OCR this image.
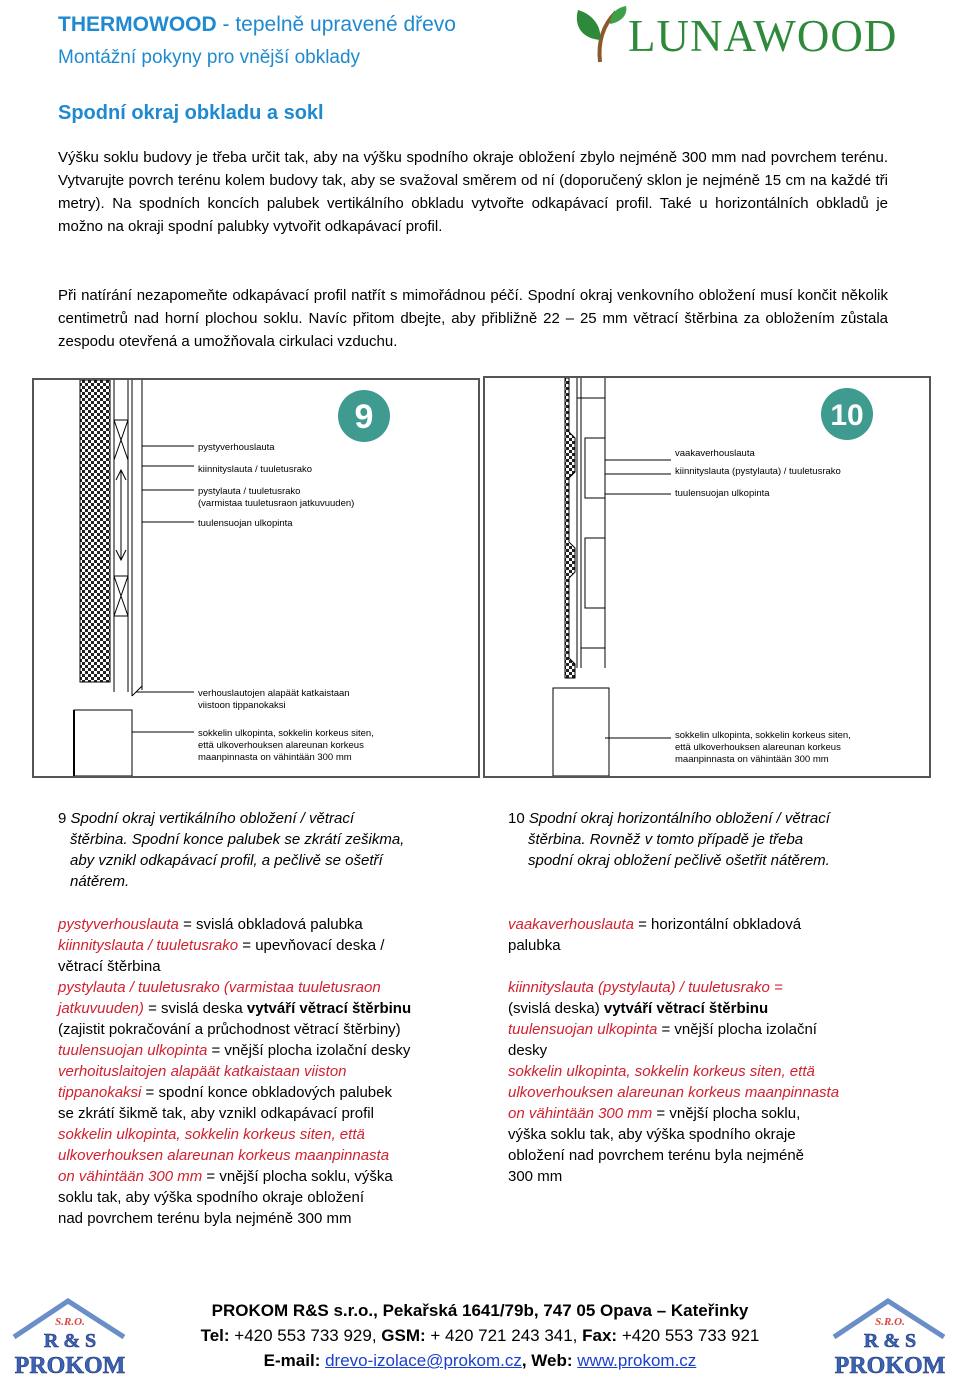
THERMOWOOD - tepelně upravené dřevo
Montážní pokyny pro vnější obklady	LUNAWOOD
Spodní okraj obkladu a sokl
Výšku soklu budovy je třeba určit tak, aby na výšku spodního okraje obložení zbylo nejméně 300 mm nad povrchem terénu. Vytvarujte povrch terénu kolem budovy tak, aby se svažoval směrem od ní (doporučený sklon je nejméně 15 cm na každé tři metry). Na spodních koncích palubek vertikálního obkladu vytvořte odkapávací profil. Také u horizontálních obkladů je možno na okraji spodní palubky vytvořit odkapávací profil.
Při natírání nezapomeňte odkapávací profil natřít s mimořádnou péčí. Spodní okraj venkovního obložení musí končit několik centimetrů nad horní plochou soklu. Navíc přitom dbejte, aby přibližně 22 – 25 mm větrací štěrbina za obložením zůstala zespodu otevřená a umožňovala cirkulaci vzduchu.
9
pystyverhouslauta
kiinnityslauta / tuuletusrako
pystylauta / tuuletusrako
(varmistaa tuuletusraon jatkuvuuden)
tuulensuojan ulkopinta
verhouslautojen alapäät katkaistaan
viistoon tippanokaksi
sokkelin ulkopinta, sokkelin korkeus siten,
että ulkoverhouksen alareunan korkeus
maanpinnasta on vähintään 300 mm
10
vaakaverhouslauta
kiinnityslauta (pystylauta) / tuuletusrako
tuulensuojan ulkopinta
sokkelin ulkopinta, sokkelin korkeus siten,
että ulkoverhouksen alareunan korkeus
maanpinnasta on vähintään 300 mm
9 Spodní okraj vertikálního obložení / větrací
štěrbina. Spodní konce palubek se zkrátí zešikma,
aby vznikl odkapávací profil, a pečlivě se ošetří
nátěrem.
10 Spodní okraj horizontálního obložení / větrací
štěrbina. Rovněž v tomto případě je třeba
spodní okraj obložení pečlivě ošetřit nátěrem.

pystyverhouslauta = svislá obkladová palubka

kiinnityslauta / tuuletusrako = upevňovací deska /

větrací štěrbina

pystylauta / tuuletusrako (varmistaa tuuletusraon

jatkuvuuden) = svislá deska vytváří větrací štěrbinu

(zajistit pokračování a průchodnost větrací štěrbiny)

tuulensuojan ulkopinta = vnější plocha izolační desky

verhoituslaitojen alapäät katkaistaan viiston

tippanokaksi = spodní konce obkladových palubek

se zkrátí šikmě tak, aby vznikl odkapávací profil

sokkelin ulkopinta, sokkelin korkeus siten, että

ulkoverhouksen alareunan korkeus maanpinnasta

on vähintään 300 mm = vnější plocha soklu, výška

soklu tak, aby výška spodního okraje obložení

nad povrchem terénu byla nejméně 300 mm

vaakaverhouslauta = horizontální obkladová

palubka

kiinnityslauta (pystylauta) / tuuletusrako =

(svislá deska) vytváří větrací štěrbinu

tuulensuojan ulkopinta = vnější plocha izolační

desky

sokkelin ulkopinta, sokkelin korkeus siten, että

ulkoverhouksen alareunan korkeus maanpinnasta

on vähintään 300 mm = vnější plocha soklu,

výška soklu tak, aby výška spodního okraje

obložení nad povrchem terénu byla nejméně

300 mm

S.R.O.
R & S
PROKOM
S.R.O.
R & S
PROKOM
PROKOM R&S s.r.o., Pekařská 1641/79b, 747 05 Opava – Kateřinky
Tel: +420 553 733 929, GSM: + 420 721 243 341, Fax: +420 553 733 921
E-mail: drevo-izolace@prokom.cz, Web: www.prokom.cz
